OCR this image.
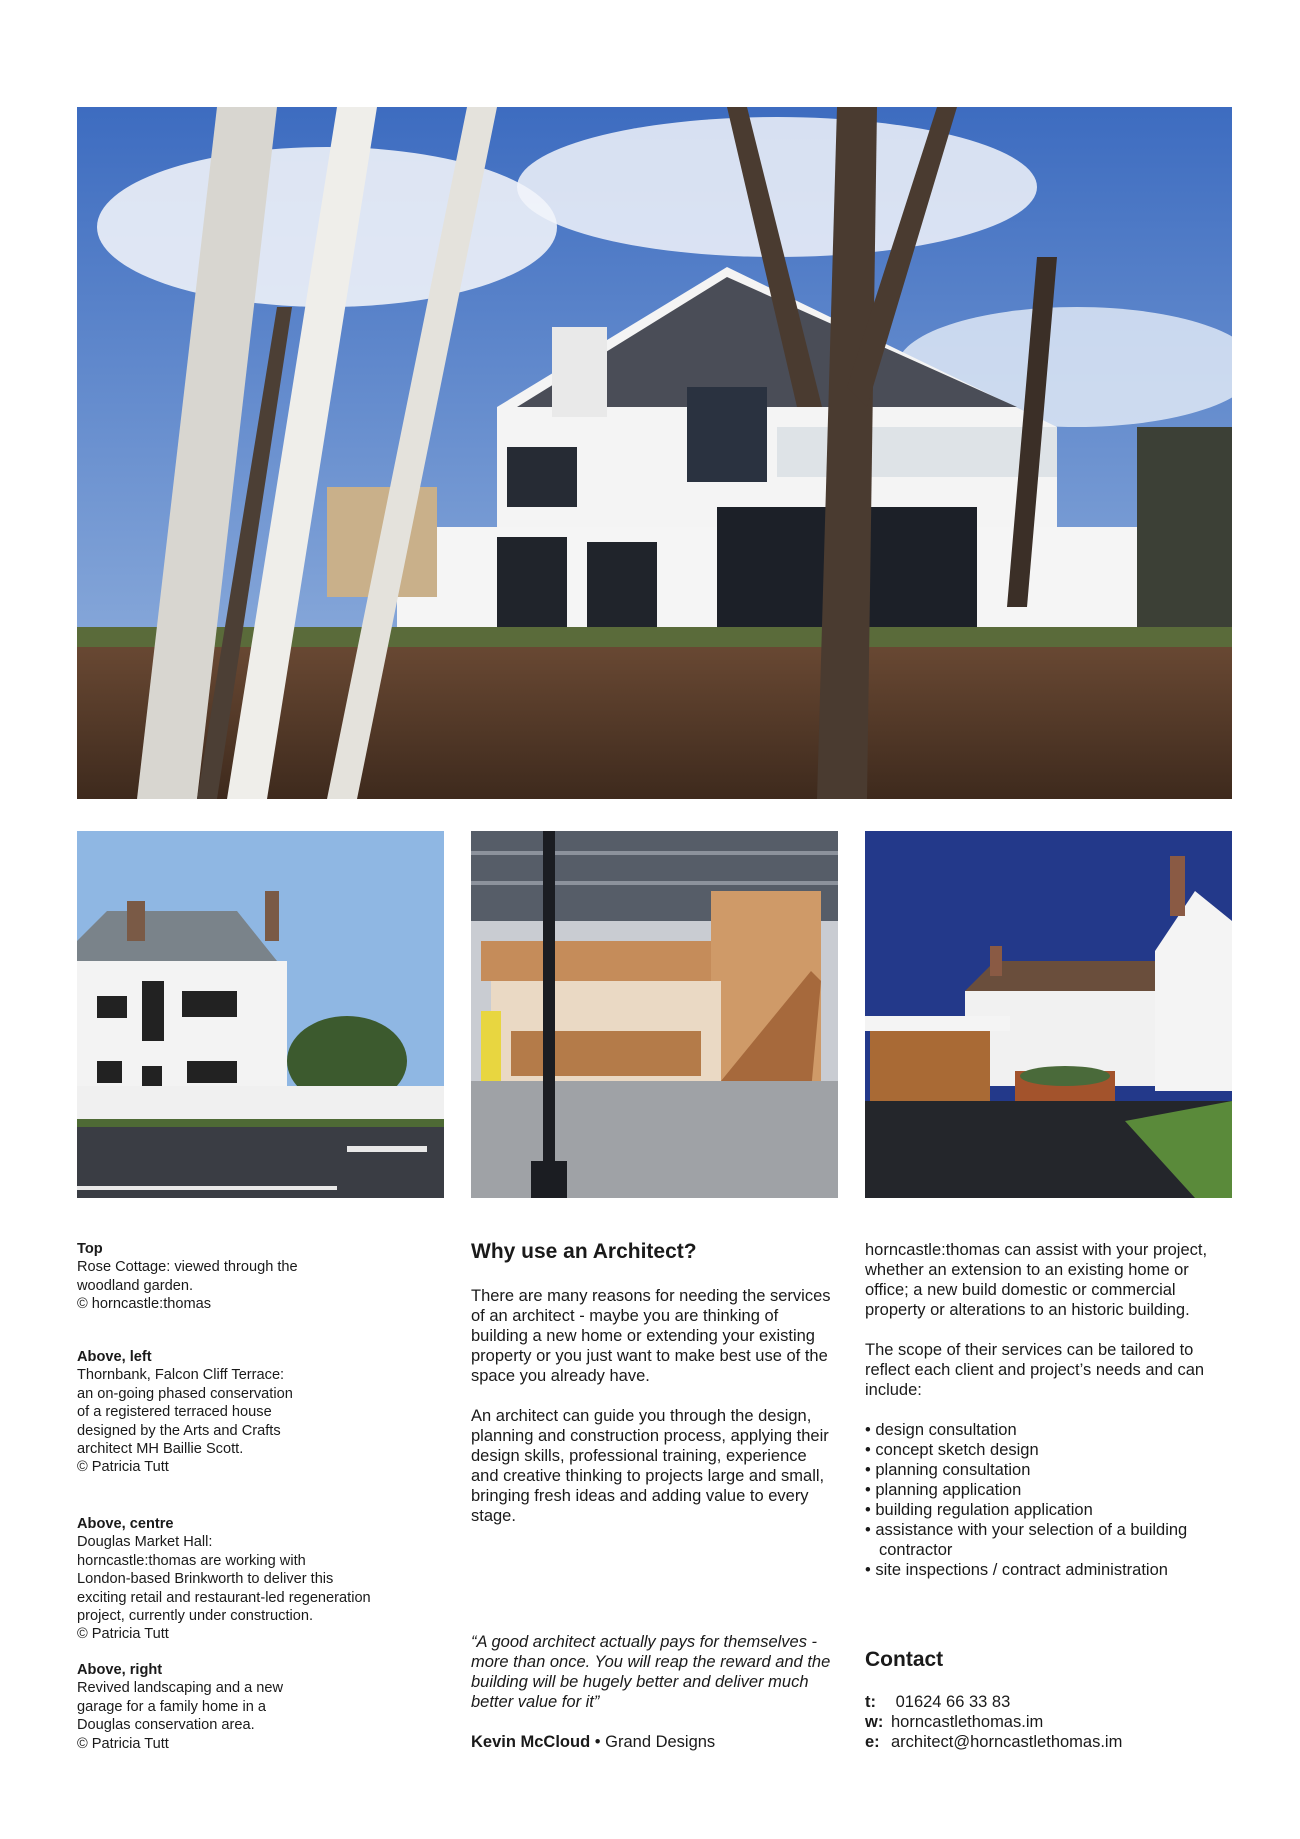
Top
Rose Cottage: viewed through the
woodland garden.
© horncastle:thomas
Above, left
Thornbank, Falcon Cliff Terrace:
an on-going phased conservation
of a registered terraced house
designed by the Arts and Crafts
architect MH Baillie Scott.
© Patricia Tutt
Above, centre
Douglas Market Hall:
horncastle:thomas are working with
London-based Brinkworth to deliver this
exciting retail and restaurant-led regeneration
project, currently under construction.
© Patricia Tutt
Above, right
Revived landscaping and a new
garage for a family home in a
Douglas conservation area.
© Patricia Tutt
Why use an Architect?

There are many reasons for needing the services of an architect - maybe you are thinking of building a new home or extending your existing property or you just want to make best use of the space you already have.

An architect can guide you through the design, planning and construction process, applying their design skills, professional training, experience and creative thinking to projects large and small, bringing fresh ideas and adding value to every stage.

“A good architect actually pays for themselves - more than once. You will reap the reward and the building will be hugely better and deliver much better value for it”
Kevin McCloud • Grand Designs

horncastle:thomas can assist with your project, whether an extension to an existing home or office; a new build domestic or commercial property or alterations to an historic building.

The scope of their services can be tailored to reflect each client and project’s needs and can include:

• design consultation
• concept sketch design
• planning consultation
• planning application
• building regulation application
• assistance with your selection of a building contractor
• site inspections / contract administration
Contact
t: 01624 66 33 83
w: horncastlethomas.im
e: architect@horncastlethomas.im
